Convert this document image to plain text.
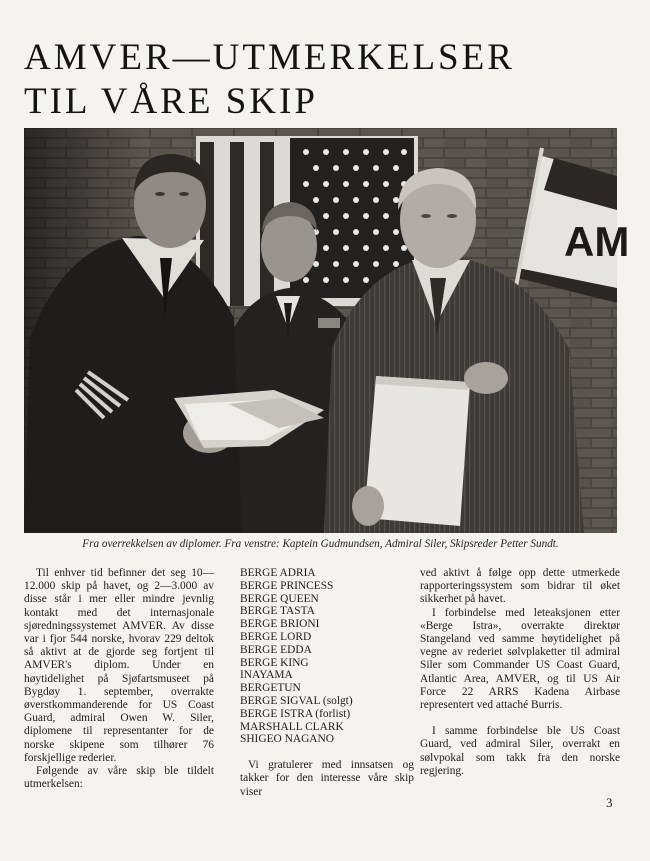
AMVER—UTMERKELSER
TIL VÅRE SKIP
AM
Fra overrekkelsen av diplomer. Fra venstre: Kaptein Gudmundsen, Admiral Siler, Skipsreder Petter Sundt.

Til enhver tid befinner det seg 10—12.000 skip på havet, og 2—3.000 av disse står i mer eller mindre jevnlig kontakt med det internasjonale sjøredningssystemet AMVER. Av disse var i fjor 544 norske, hvorav 229 deltok så aktivt at de gjorde seg fortjent til AMVER's diplom. Under en høytidelighet på Sjøfartsmuseet på Bygdøy 1. september, overrakte øverstkommanderende for US Coast Guard, admiral Owen W. Siler, diplomene til representanter for de norske skipene som tilhører 76 forskjellige rederier.

Følgende av våre skip ble tildelt utmerkelsen:

BERGE ADRIA
BERGE PRINCESS
BERGE QUEEN
BERGE TASTA
BERGE BRIONI
BERGE LORD
BERGE EDDA
BERGE KING
INAYAMA
BERGETUN
BERGE SIGVAL (solgt)
BERGE ISTRA (forlist)
MARSHALL CLARK
SHIGEO NAGANO

Vi gratulerer med innsatsen og takker for den interesse våre skip viser

ved aktivt å følge opp dette utmerkede rapporteringssystem som bidrar til øket sikkerhet på havet.

I forbindelse med leteaksjonen etter «Berge Istra», overrakte direktør Stangeland ved samme høytidelighet på vegne av rederiet sølvplaketter til admiral Siler som Commander US Coast Guard, Atlantic Area, AMVER, og til US Air Force 22 ARRS Kadena Airbase representert ved attaché Burris.

I samme forbindelse ble US Coast Guard, ved admiral Siler, overrakt en sølvpokal som takk fra den norske regjering.

3
